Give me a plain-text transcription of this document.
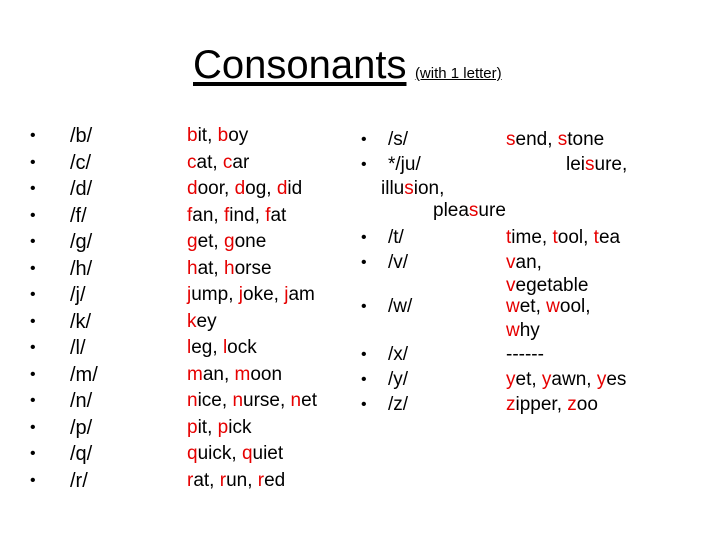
Consonants (with 1 letter)
• /b/
• /c/
• /d/
• /f/
• /g/
• /h/
• /j/
• /k/
• /l/
• /m/
• /n/
• /p/
• /q/
• /r/
bit, boy
cat, car
door, dog, did
fan, find, fat
get, gone
hat, horse
jump, joke, jam
key
leg, lock
man, moon
nice, nurse, net
pit, pick
quick, quiet
rat, run, red
• /s/
• */ju/
• /t/
• /v/
• /w/
• /x/
• /y/
• /z/
send, stone
leisure,
illusion,
pleasure
time, tool, tea
van,
vegetable
wet, wool,
why
------
yet, yawn, yes
zipper, zoo
